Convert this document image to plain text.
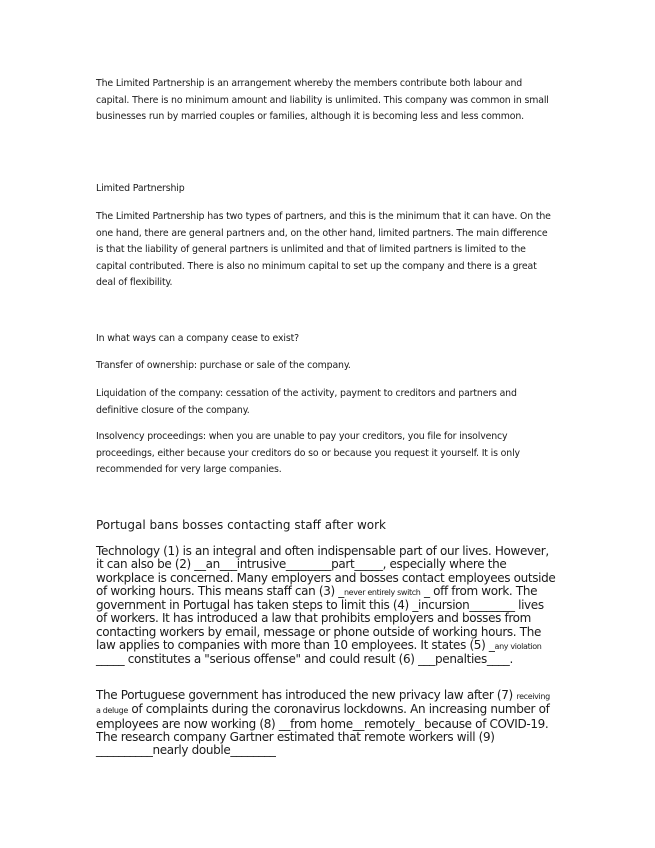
The Limited Partnership is an arrangement whereby the members contribute both labour and capital. There is no minimum amount and liability is unlimited. This company was common in small businesses run by married couples or families, although it is becoming less and less common.

Limited Partnership

The Limited Partnership has two types of partners, and this is the minimum that it can have. On the one hand, there are general partners and, on the other hand, limited partners. The main difference is that the liability of general partners is unlimited and that of limited partners is limited to the capital contributed. There is also no minimum capital to set up the company and there is a great deal of flexibility.

In what ways can a company cease to exist?

Transfer of ownership: purchase or sale of the company.

Liquidation of the company: cessation of the activity, payment to creditors and partners and definitive closure of the company.

Insolvency proceedings: when you are unable to pay your creditors, you file for insolvency proceedings, either because your creditors do so or because you request it yourself. It is only recommended for very large companies.

Portugal bans bosses contacting staff after work

Technology (1) is an integral and often indispensable part of our lives. However, it can also be (2) __an___intrusive________part_____, especially where the workplace is concerned. Many employers and bosses contact employees outside of working hours. This means staff can (3) _never entirely switch _ off from work. The government in Portugal has taken steps to limit this (4) _incursion________ lives of workers. It has introduced a law that prohibits employers and bosses from contacting workers by email, message or phone outside of working hours. The law applies to companies with more than 10 employees. It states (5) _any violation _____ constitutes a "serious offense" and could result (6) ___penalties____.

The Portuguese government has introduced the new privacy law after (7) receiving a deluge of complaints during the coronavirus lockdowns. An increasing number of employees are now working (8) __from home__remotely_ because of COVID-19. The research company Gartner estimated that remote workers will (9) __________nearly double________
